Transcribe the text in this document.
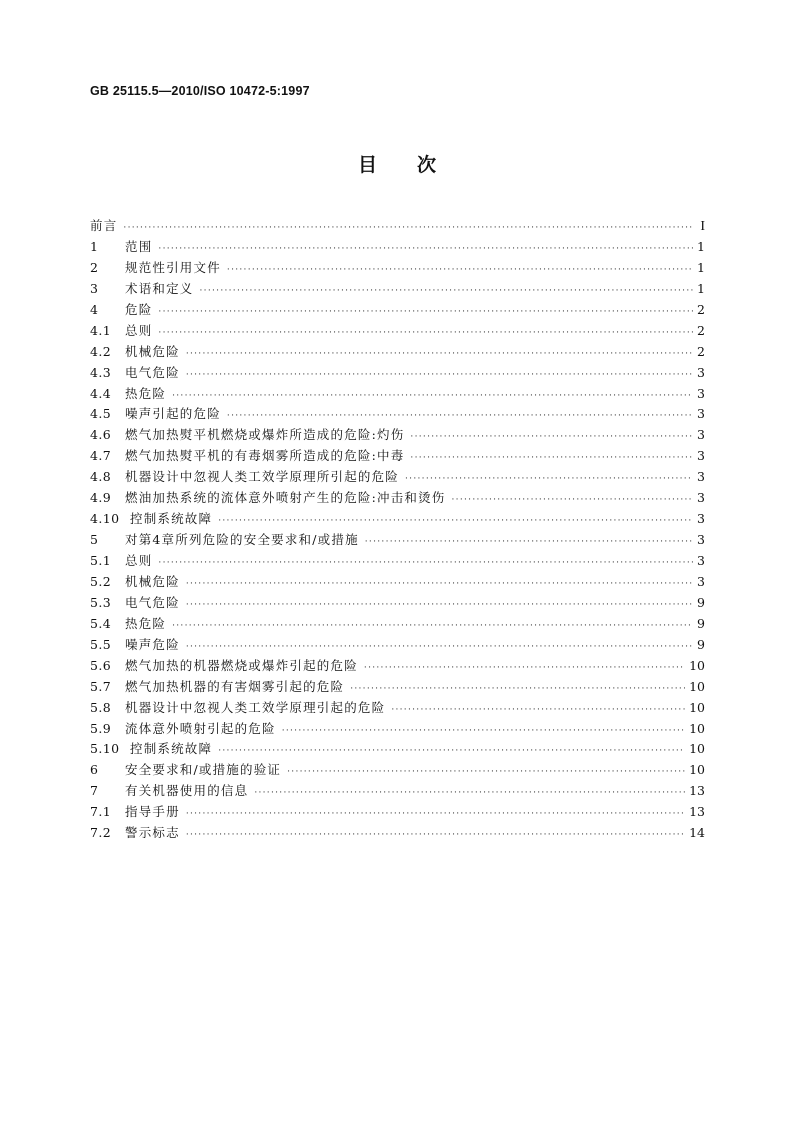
GB 25115.5—2010/ISO 10472-5:1997
目次
前言 ·····	I
1	范围 ·····	1
2	规范性引用文件 ·····	1
3	术语和定义 ·····	1
4	危险 ·····	2
4.1	总则 ·····	2
4.2	机械危险 ·····	2
4.3	电气危险 ·····	3
4.4	热危险 ·····	3
4.5	噪声引起的危险 ·····	3
4.6	燃气加热熨平机燃烧或爆炸所造成的危险:灼伤 ·····	3
4.7	燃气加热熨平机的有毒烟雾所造成的危险:中毒 ·····	3
4.8	机器设计中忽视人类工效学原理所引起的危险 ·····	3
4.9	燃油加热系统的流体意外喷射产生的危险:冲击和烫伤 ·····	3
4.10 控制系统故障 ·····	3
5	对第4章所列危险的安全要求和/或措施 ·····	3
5.1	总则 ·····	3
5.2	机械危险 ·····	3
5.3	电气危险 ·····	9
5.4	热危险 ·····	9
5.5	噪声危险 ·····	9
5.6	燃气加热的机器燃烧或爆炸引起的危险 ·····	10
5.7	燃气加热机器的有害烟雾引起的危险 ·····	10
5.8	机器设计中忽视人类工效学原理引起的危险 ·····	10
5.9	流体意外喷射引起的危险 ·····	10
5.10 控制系统故障 ·····	10
6	安全要求和/或措施的验证 ·····	10
7	有关机器使用的信息 ·····	13
7.1	指导手册 ·····	13
7.2	警示标志 ·····	14
